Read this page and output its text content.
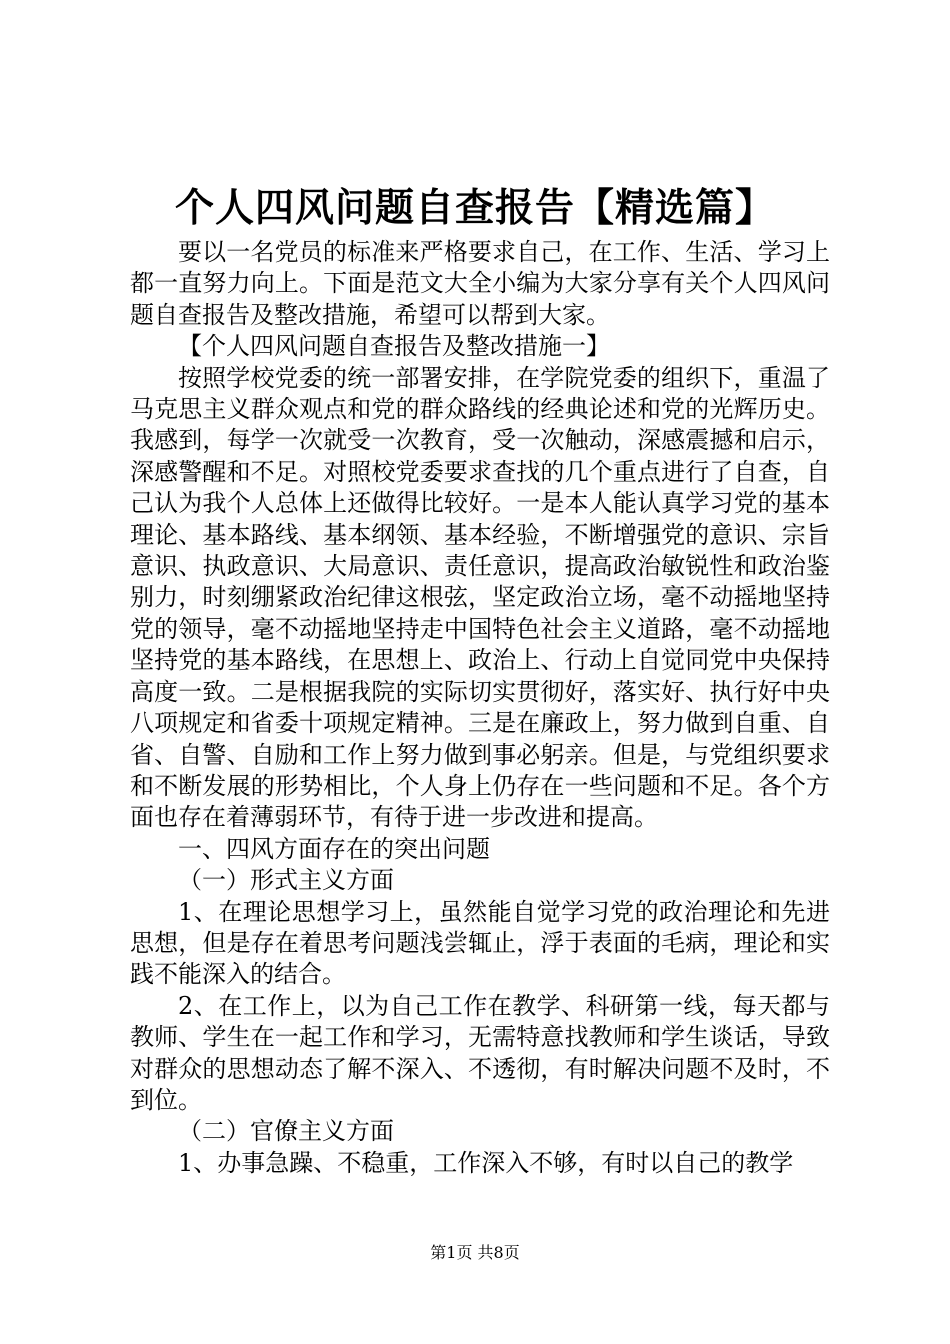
个人四风问题自查报告【精选篇】

要以一名党员的标准来严格要求自己，在工作、生活、学习上都一直努力向上。下面是范文大全小编为大家分享有关个人四风问题自查报告及整改措施，希望可以帮到大家。

【个人四风问题自查报告及整改措施一】

按照学校党委的统一部署安排，在学院党委的组织下，重温了马克思主义群众观点和党的群众路线的经典论述和党的光辉历史。我感到，每学一次就受一次教育，受一次触动，深感震撼和启示，深感警醒和不足。对照校党委要求查找的几个重点进行了自查，自己认为我个人总体上还做得比较好。一是本人能认真学习党的基本理论、基本路线、基本纲领、基本经验，不断增强党的意识、宗旨意识、执政意识、大局意识、责任意识，提高政治敏锐性和政治鉴别力，时刻绷紧政治纪律这根弦，坚定政治立场，毫不动摇地坚持党的领导，毫不动摇地坚持走中国特色社会主义道路，毫不动摇地坚持党的基本路线，在思想上、政治上、行动上自觉同党中央保持高度一致。二是根据我院的实际切实贯彻好，落实好、执行好中央八项规定和省委十项规定精神。三是在廉政上，努力做到自重、自省、自警、自励和工作上努力做到事必躬亲。但是，与党组织要求和不断发展的形势相比，个人身上仍存在一些问题和不足。各个方面也存在着薄弱环节，有待于进一步改进和提高。

一、四风方面存在的突出问题

（一）形式主义方面

1、在理论思想学习上，虽然能自觉学习党的政治理论和先进思想，但是存在着思考问题浅尝辄止，浮于表面的毛病，理论和实践不能深入的结合。

2、在工作上，以为自己工作在教学、科研第一线，每天都与教师、学生在一起工作和学习，无需特意找教师和学生谈话，导致对群众的思想动态了解不深入、不透彻，有时解决问题不及时，不到位。

（二）官僚主义方面

1、办事急躁、不稳重，工作深入不够，有时以自己的教学

第1页 共8页
